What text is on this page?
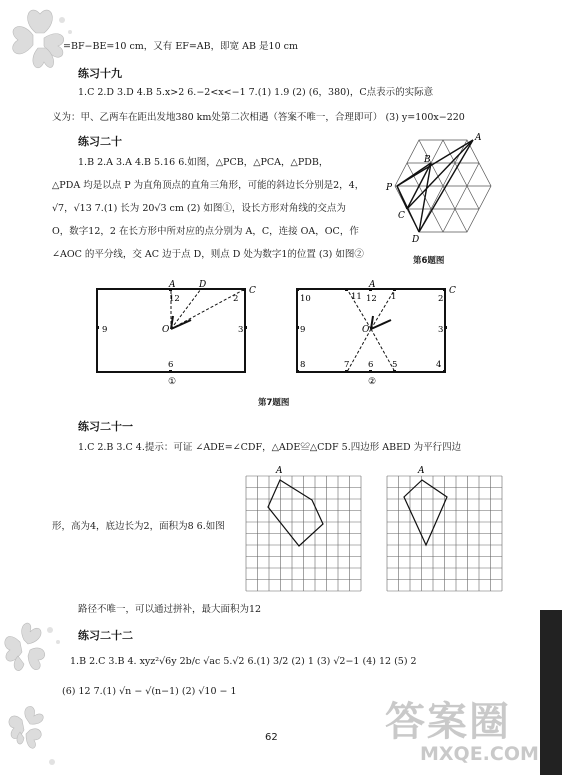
=BF−BE=10 cm，又有 EF=AB，即宽 AB 是10 cm
练习十九
1.C 2.D 3.D 4.B 5.x>2 6.−2<x<−1 7.(1) 1.9 (2) (6，380)，C点表示的实际意
义为：甲、乙两车在距出发地380 km处第二次相遇（答案不唯一，合理即可） (3) y=100x−220
练习二十
1.B 2.A 3.A 4.B 5.16 6.如图，△PCB，△PCA，△PDB，
△PDA 均是以点 P 为直角顶点的直角三角形，可能的斜边长分别是2，4，
√7，√13 7.(1) 长为 20√3 cm (2) 如图①，设长方形对角线的交点为
O，数字12，2 在长方形中所对应的点分别为 A，C，连接 OA，OC，作
∠AOC 的平分线，交 AC 边于点 D，则点 D 处为数字1的位置 (3) 如图②
A
B
P
C
D
第6题图
A	D
C
12	2
3
6
9	O
①
A
C
10	11 12 1	2
3
9
8	7 6 5	4
O
②
第7题图
练习二十一
1.C 2.B 3.C 4.提示：可证 ∠ADE=∠CDF，△ADE≌△CDF 5.四边形 ABED 为平行四边
形，高为4，底边长为2，面积为8 6.如图
A	A
路径不唯一，可以通过拼补，最大面积为12
练习二十二
1.B 2.C 3.B 4. xyz²√6y 2b/c √ac 5.√2 6.(1) 3/2 (2) 1 (3) √2−1 (4) 12 (5) 2
(6) 12 7.(1) √n − √(n−1) (2) √10 − 1
62	答案圈
MXQE.COM
